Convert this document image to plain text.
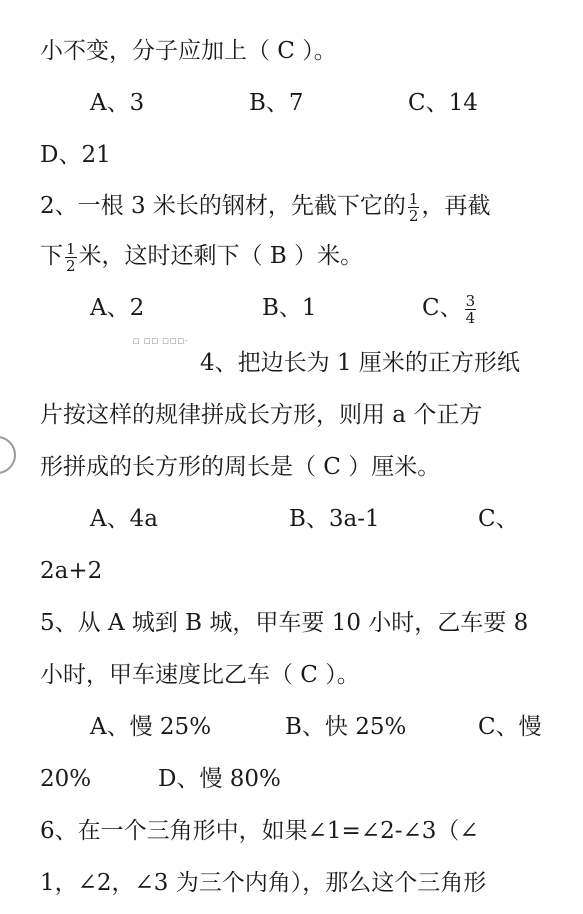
小不变，分子应加上（ C ）。
A、3	B、7	C、14
D、21
2、一根 3 米长的钢材，先截下它的 $\frac{1}{2}$ ，再截
下 $\frac{1}{2}$ 米，这时还剩下（ B ）米。
A、2	B、1	C、 $\frac{3}{4}$
□ □□ □□□-
4、把边长为 1 厘米的正方形纸
片按这样的规律拼成长方形，则用 a 个正方
形拼成的长方形的周长是（ C ）厘米。
A、4a	B、3a-1	C、
2a+2
5、从 A 城到 B 城，甲车要 10 小时，乙车要 8
小时，甲车速度比乙车（ C ）。
A、慢 25%	B、快 25%	C、慢
20%	D、慢 80%
6、在一个三角形中，如果∠1=∠2-∠3（∠
1，∠2，∠3 为三个内角），那么这个三角形
